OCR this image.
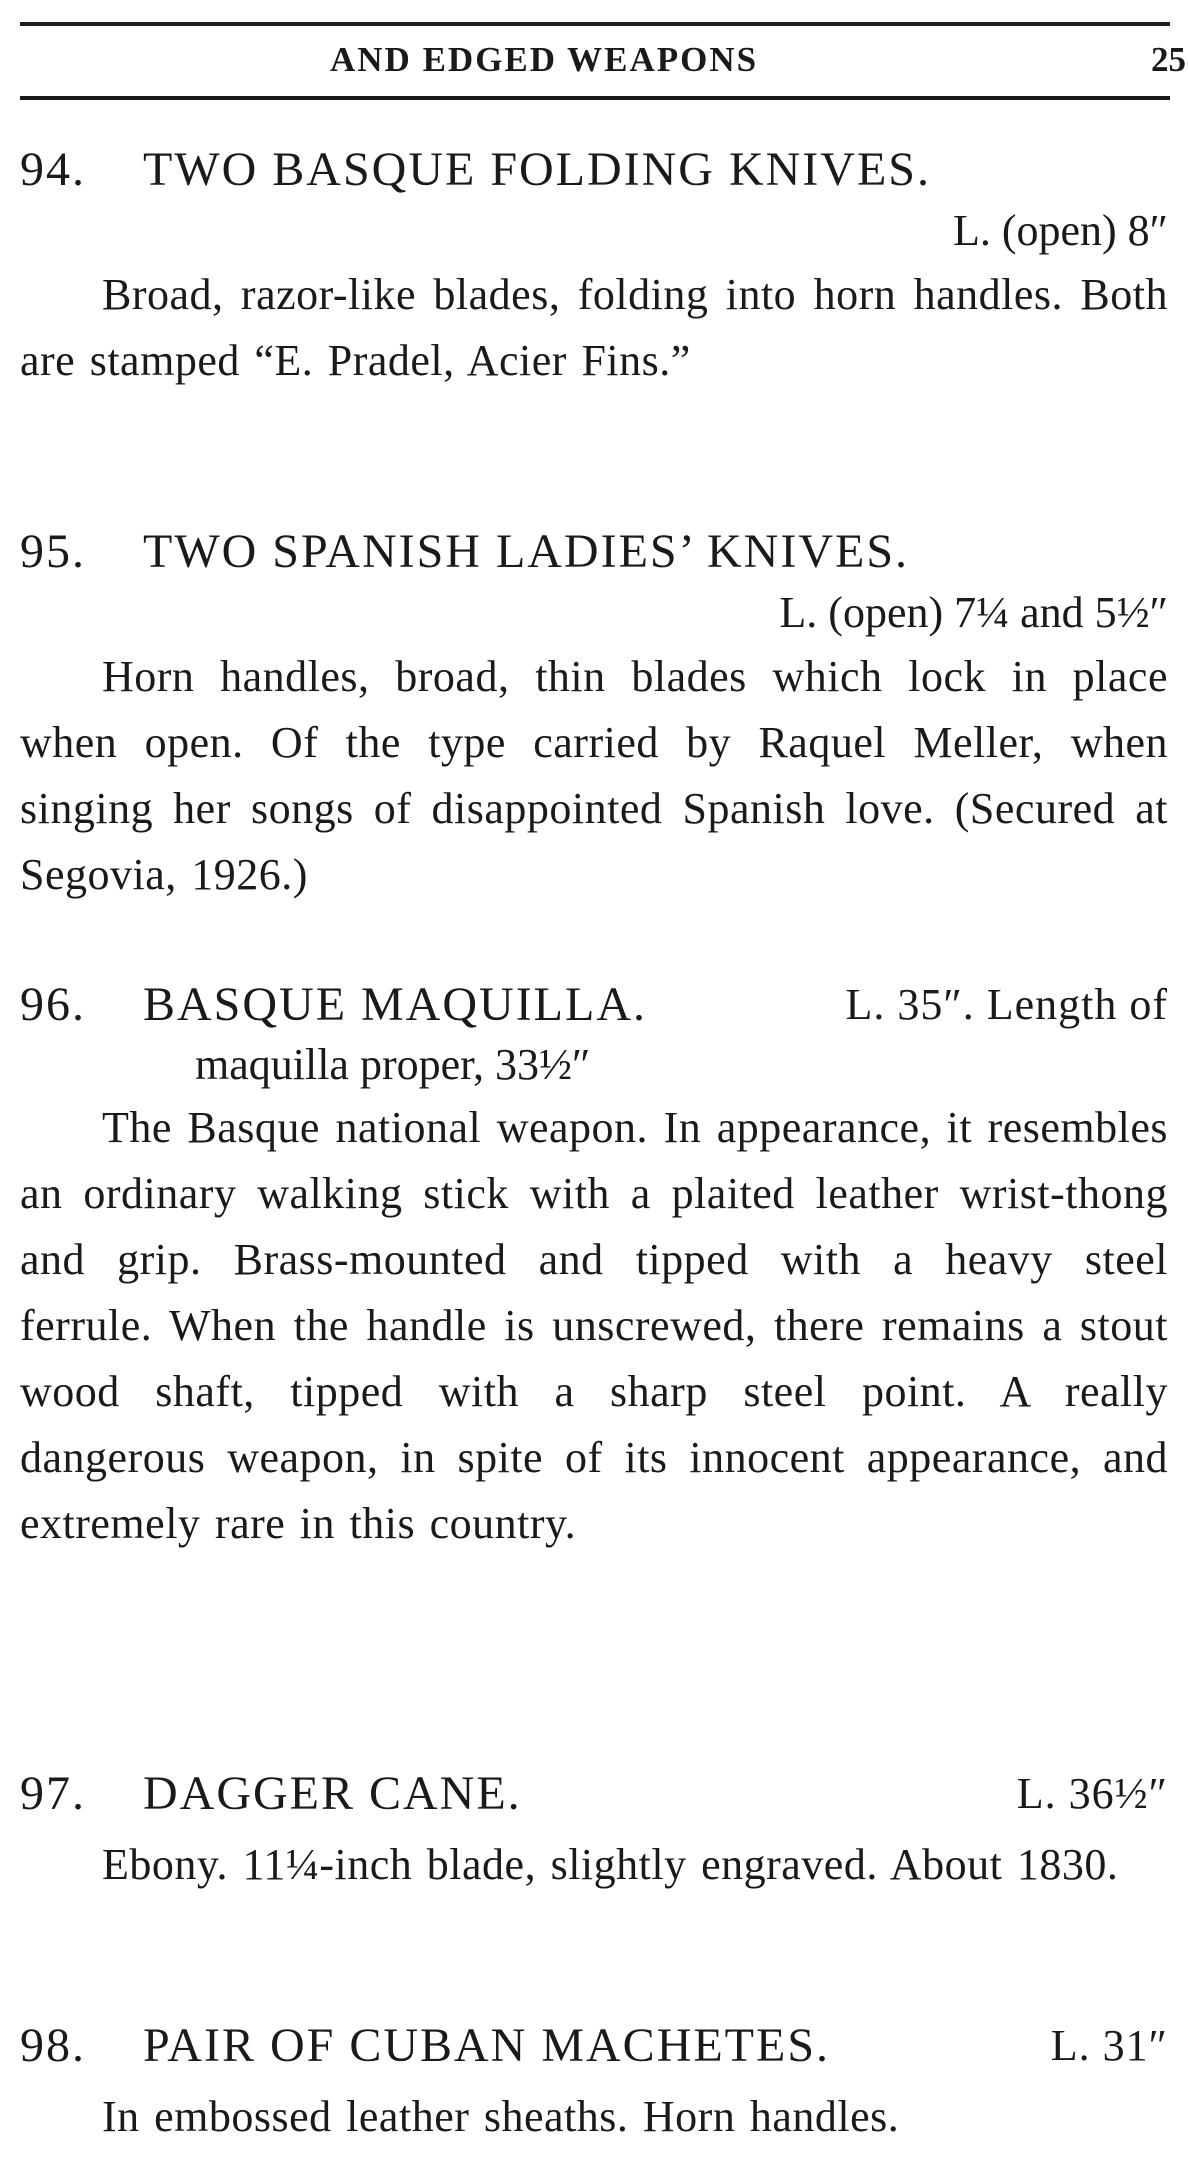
AND EDGED WEAPONS	25
94. TWO BASQUE FOLDING KNIVES.
L. (open) 8″
Broad, razor-like blades, folding into horn handles. Both are stamped “E. Pradel, Acier Fins.”
95. TWO SPANISH LADIES’ KNIVES.
L. (open) 7¼ and 5½″
Horn handles, broad, thin blades which lock in place when open. Of the type carried by Raquel Meller, when singing her songs of disappointed Spanish love. (Secured at Segovia, 1926.)
96. BASQUE MAQUILLA.	L. 35″. Length of
maquilla proper, 33½″
The Basque national weapon. In appearance, it resembles an ordinary walking stick with a plaited leather wrist-thong and grip. Brass-mounted and tipped with a heavy steel ferrule. When the handle is unscrewed, there remains a stout wood shaft, tipped with a sharp steel point. A really dangerous weapon, in spite of its innocent appearance, and extremely rare in this country.
97. DAGGER CANE.	L. 36½″
Ebony. 11¼-inch blade, slightly engraved. About 1830.
98. PAIR OF CUBAN MACHETES.	L. 31″
In embossed leather sheaths. Horn handles.
